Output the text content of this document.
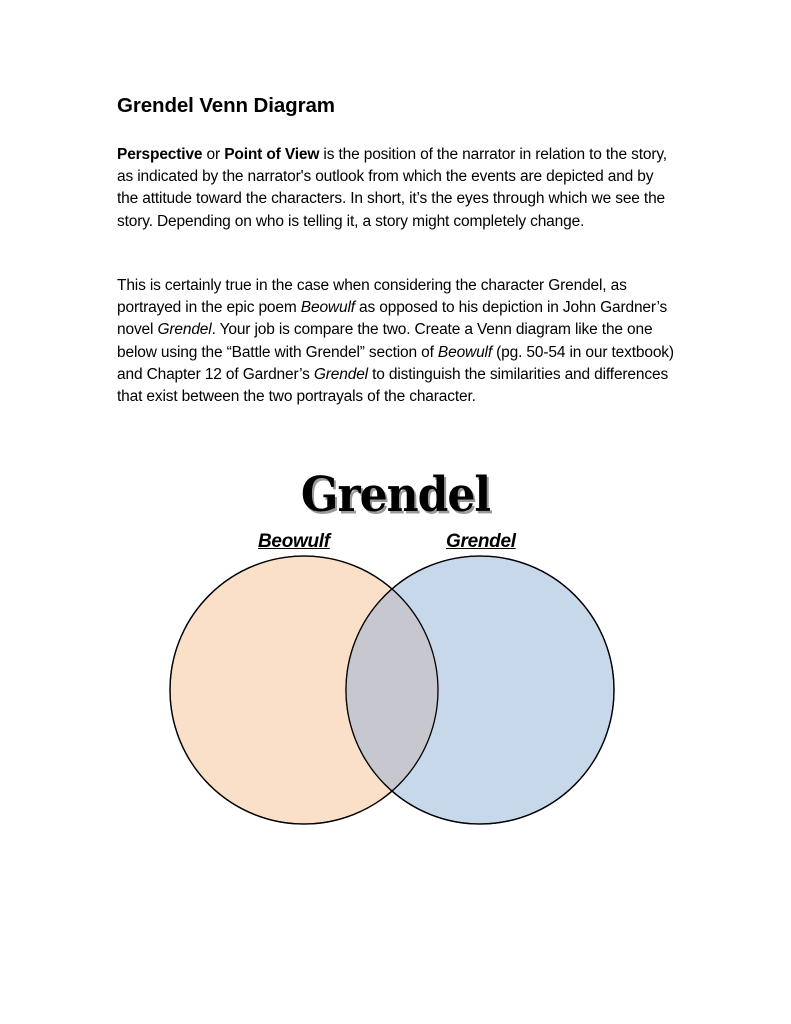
Grendel Venn Diagram

Perspective or Point of View is the position of the narrator in relation to the story, as indicated by the narrator's outlook from which the events are depicted and by the attitude toward the characters. In short, it’s the eyes through which we see the story. Depending on who is telling it, a story might completely change.

This is certainly true in the case when considering the character Grendel, as portrayed in the epic poem Beowulf as opposed to his depiction in John Gardner’s novel Grendel. Your job is compare the two. Create a Venn diagram like the one below using the “Battle with Grendel” section of Beowulf (pg. 50-54 in our textbook) and Chapter 12 of Gardner’s Grendel to distinguish the similarities and differences that exist between the two portrayals of the character.

Grendel
Beowulf	Grendel
